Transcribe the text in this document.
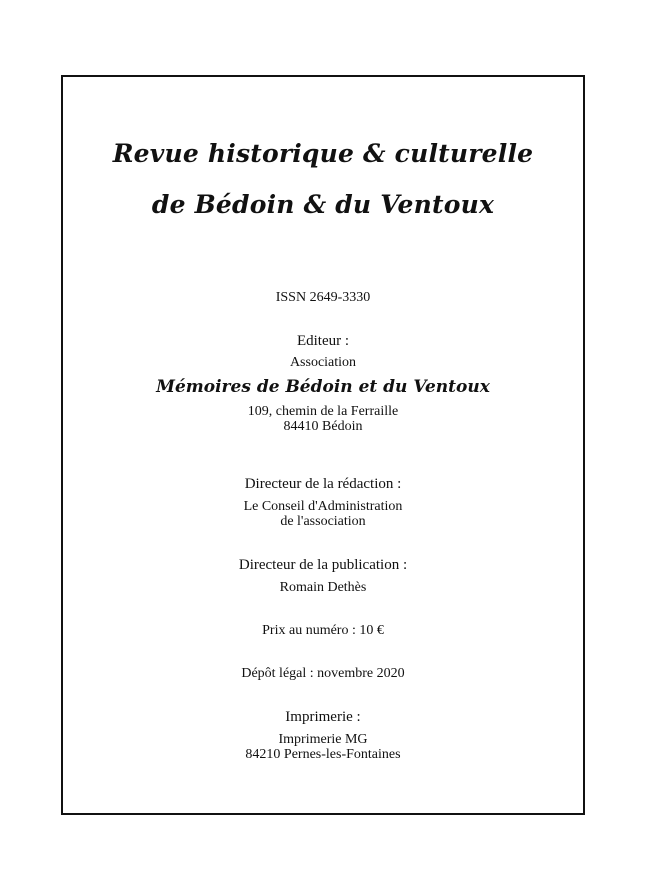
Revue historique & culturelle
de Bédoin & du Ventoux
ISSN 2649-3330
Editeur :
Association
Mémoires de Bédoin et du Ventoux
109, chemin de la Ferraille
84410 Bédoin
Directeur de la rédaction :
Le Conseil d'Administration
de l'association
Directeur de la publication :
Romain Dethès
Prix au numéro : 10 €
Dépôt légal : novembre 2020
Imprimerie :
Imprimerie MG
84210 Pernes-les-Fontaines
